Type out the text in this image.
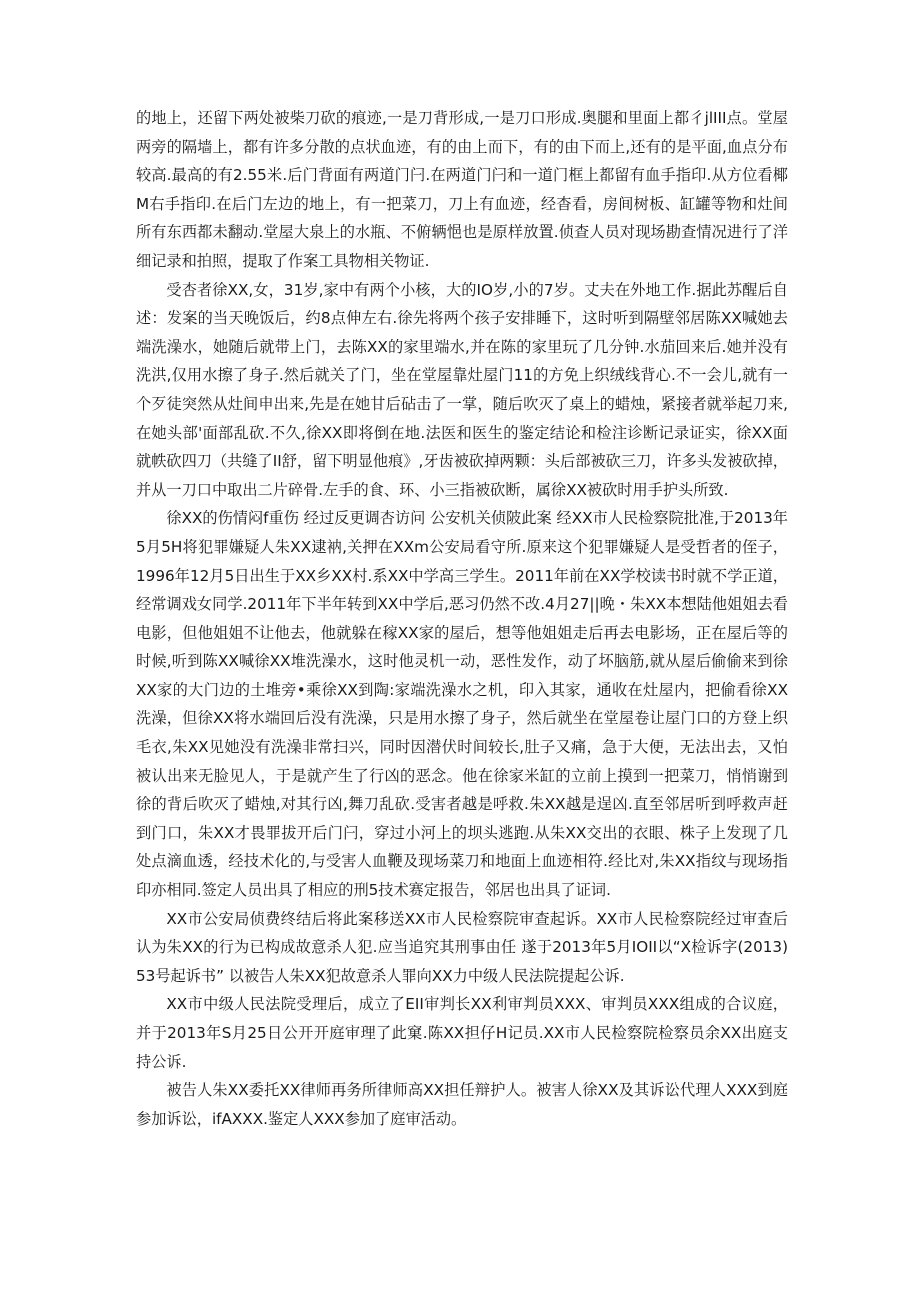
的地上，还留下两处被柴刀砍的痕迹,一是刀背形成,一是刀口形成.奥腿和里面上都彳jlIII点。堂屋两旁的隔墙上，都有许多分散的点状血迹，有的由上而下，有的由下而上,还有的是平面,血点分布较高.最高的有2.55米.后门背面有两道门闩.在两道门闩和一道门框上都留有血手指印.从方位看椰M右手指印.在后门左边的地上，有一把菜刀，刀上有血迹，经杳看，房间树板、缸罐等物和灶间所有东西都未翻动.堂屋大泉上的水瓶、不俯辆悒也是原样放置.侦查人员对现场勘查情况进行了洋细记录和拍照，提取了作案工具物相关物证.

受杏者徐XX,女，31岁,家中有两个小核，大的IO岁,小的7岁。丈夫在外地工作.据此苏醒后自述：发案的当天晚饭后，约8点伸左右.徐先将两个孩子安排睡下，这时听到隔壁邻居陈XX喊她去端洗澡水，她随后就带上门，去陈XX的家里端水,并在陈的家里玩了几分钟.水茄回来后.她并没有洗洪,仅用水擦了身子.然后就关了门，坐在堂屋靠灶屋门11的方免上织绒线背心.不一会儿,就有一个歹徒突然从灶间申出来,先是在她甘后砧击了一掌，随后吹灭了桌上的蜡烛，紧接者就举起刀来,在她头部'面部乱砍.不久,徐XX即将倒在地.法医和医生的鉴定结论和检注诊断记录证实，徐XX面就帙砍四刀（共缝了II舒，留下明显他痕》,牙齿被砍掉两颗：头后部被砍三刀，许多头发被砍掉，并从一刀口中取出二片碎骨.左手的食、环、小三指被砍断，属徐XX被砍时用手护头所致.

徐XX的伤情闷f重伤 经过反更调杏访问 公安机关侦陂此案 经XX市人民检察院批准,于2013年5月5H将犯罪嫌疑人朱XX逮衲,关押在XXm公安局看守所.原来这个犯罪嫌疑人是受哲者的侄子，1996年12月5日出生于XX乡XX村.系XX中学高三学生。2011年前在XX学校读书时就不学正道，经常调戏女同学.2011年下半年转到XX中学后,恶习仍然不改.4月27||晚・朱XX本想陆他姐姐去看电影，但他姐姐不让他去，他就躲在稼XX家的屋后，想等他姐姐走后再去电影场，正在屋后等的时候,听到陈XX喊徐XX堆洗澡水，这时他灵机一动，恶性发作，动了坏脑筋,就从屋后偷偷来到徐XX家的大门边的土堆旁•乘徐XX到陶:家端洗澡水之机，印入其家，通收在灶屋内，把偷看徐XX洗澡，但徐XX将水端回后没有洗澡，只是用水擦了身子，然后就坐在堂屋卷让屋门口的方登上织毛衣,朱XX见她没有洗澡非常扫兴，同时因潜伏时间较长,肚子又痛，急于大便，无法出去，又怕被认出来无脸见人，于是就产生了行凶的恶念。他在徐家米缸的立前上摸到一把菜刀，悄悄谢到徐的背后吹灭了蜡烛,对其行凶,舞刀乱砍.受害者越是呼救.朱XX越是逞凶.直至邻居听到呼救声赶到门口，朱XX才畏罪拔开后门闩，穿过小河上的坝头逃跑.从朱XX交出的衣眼、株子上发现了几处点滴血透，经技术化的,与受害人血鞭及现场菜刀和地面上血迹相符.经比对,朱XX指纹与现场指印亦相同.签定人员出具了相应的刑5技术赛定报告，邻居也出具了证词.

XX市公安局侦费终结后将此案移送XX市人民检察院审查起诉。XX市人民检察院经过审查后认为朱XX的行为已构成故意杀人犯.应当追究其刑事由任 遂于2013年5月IOII以“X检诉字(2013)53号起诉书” 以被告人朱XX犯故意杀人罪向XX力中级人民法院提起公诉.

XX市中级人民法院受理后，成立了EII审判长XX利审判员XXX、审判员XXX组成的合议庭，并于2013年S月25日公开开庭审理了此窠.陈XX担仔H记员.XX市人民检察院检察员余XX出庭支持公诉.

被告人朱XX委托XX律师再务所律师高XX担任辩护人。被害人徐XX及其诉讼代理人XXX到庭参加诉讼，ifAXXX.鉴定人XXX参加了庭审活动。
